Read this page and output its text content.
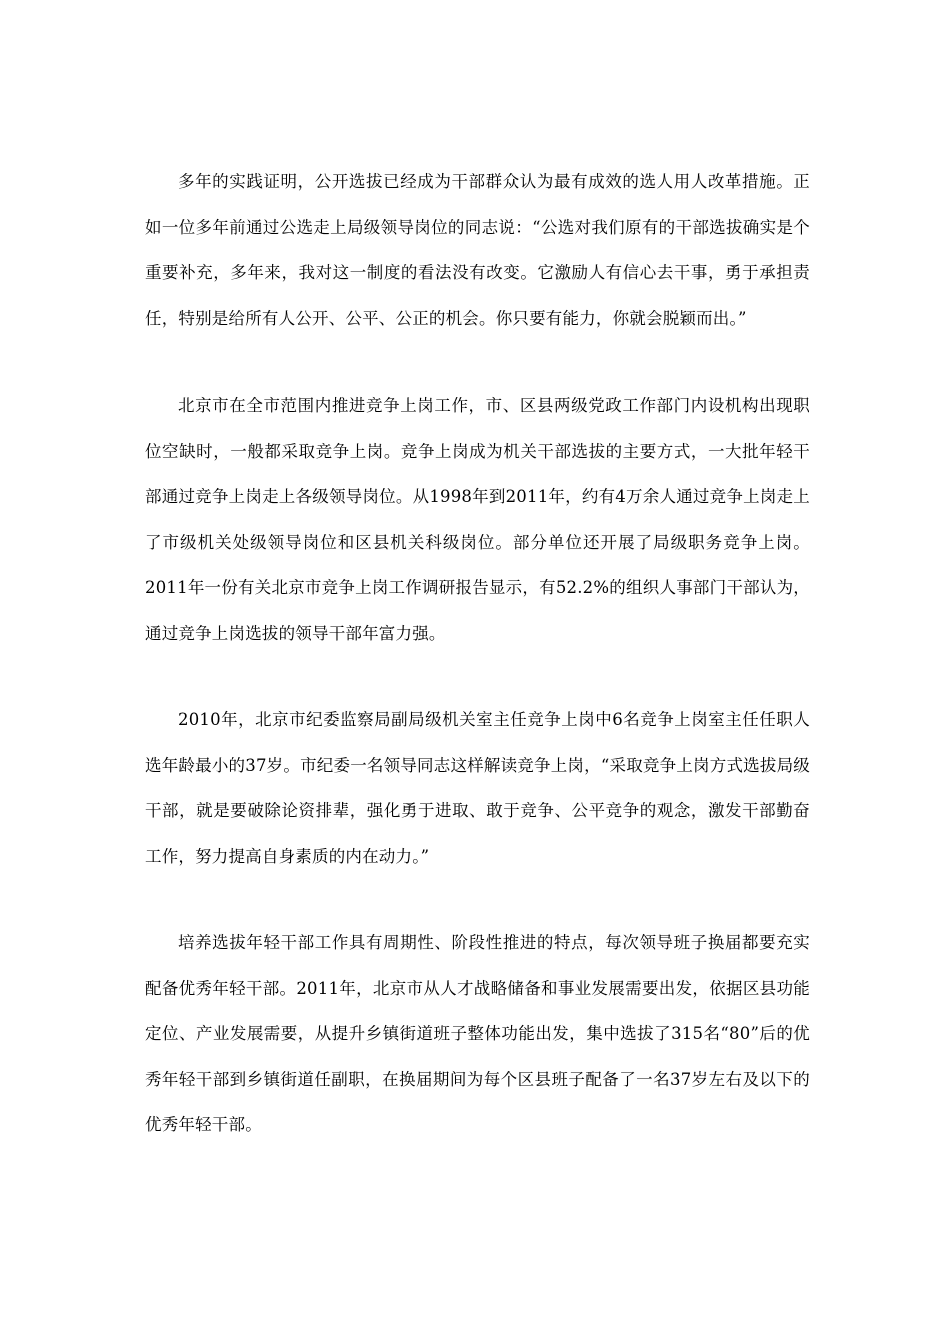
多年的实践证明，公开选拔已经成为干部群众认为最有成效的选人用人改革措施。正如一位多年前通过公选走上局级领导岗位的同志说：“公选对我们原有的干部选拔确实是个重要补充，多年来，我对这一制度的看法没有改变。它激励人有信心去干事，勇于承担责任，特别是给所有人公开、公平、公正的机会。你只要有能力，你就会脱颖而出。”

北京市在全市范围内推进竞争上岗工作，市、区县两级党政工作部门内设机构出现职位空缺时，一般都采取竞争上岗。竞争上岗成为机关干部选拔的主要方式，一大批年轻干部通过竞争上岗走上各级领导岗位。从1998年到2011年，约有4万余人通过竞争上岗走上了市级机关处级领导岗位和区县机关科级岗位。部分单位还开展了局级职务竞争上岗。2011年一份有关北京市竞争上岗工作调研报告显示，有52.2%的组织人事部门干部认为，通过竞争上岗选拔的领导干部年富力强。

2010年，北京市纪委监察局副局级机关室主任竞争上岗中6名竞争上岗室主任任职人选年龄最小的37岁。市纪委一名领导同志这样解读竞争上岗，“采取竞争上岗方式选拔局级干部，就是要破除论资排辈，强化勇于进取、敢于竞争、公平竞争的观念，激发干部勤奋工作，努力提高自身素质的内在动力。”

培养选拔年轻干部工作具有周期性、阶段性推进的特点，每次领导班子换届都要充实配备优秀年轻干部。2011年，北京市从人才战略储备和事业发展需要出发，依据区县功能定位、产业发展需要，从提升乡镇街道班子整体功能出发，集中选拔了315名“80”后的优秀年轻干部到乡镇街道任副职，在换届期间为每个区县班子配备了一名37岁左右及以下的优秀年轻干部。
